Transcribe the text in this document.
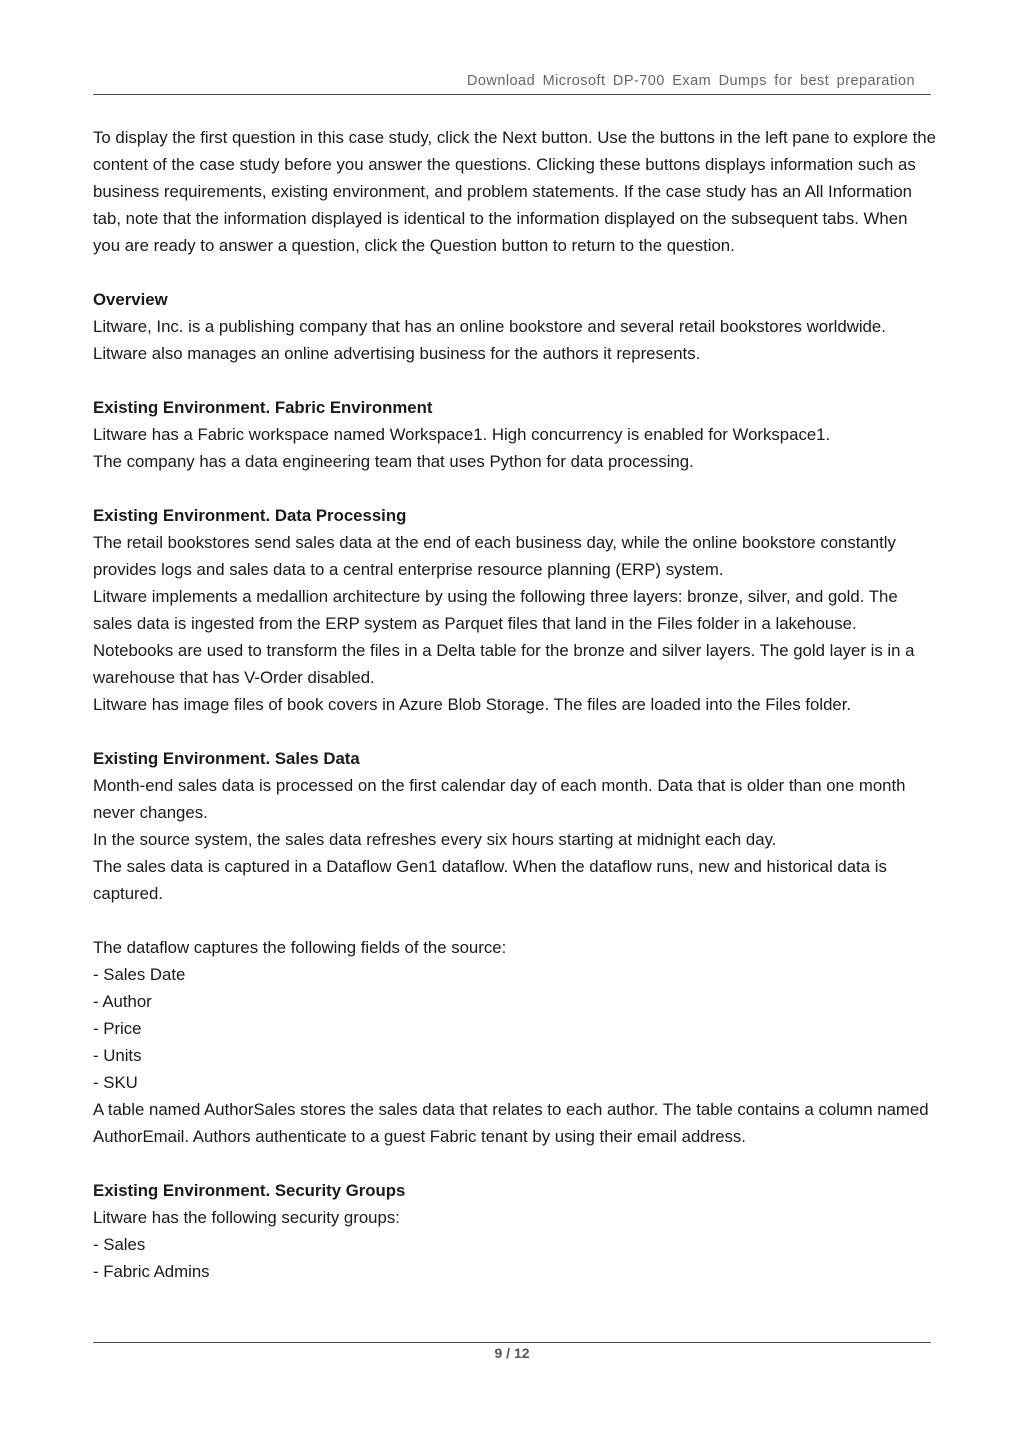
Download Microsoft DP-700 Exam Dumps for best preparation

To display the first question in this case study, click the Next button. Use the buttons in the left pane to explore the content of the case study before you answer the questions. Clicking these buttons displays information such as business requirements, existing environment, and problem statements. If the case study has an All Information tab, note that the information displayed is identical to the information displayed on the subsequent tabs. When you are ready to answer a question, click the Question button to return to the question.

Overview

Litware, Inc. is a publishing company that has an online bookstore and several retail bookstores worldwide. Litware also manages an online advertising business for the authors it represents.

Existing Environment. Fabric Environment

Litware has a Fabric workspace named Workspace1. High concurrency is enabled for Workspace1.

The company has a data engineering team that uses Python for data processing.

Existing Environment. Data Processing

The retail bookstores send sales data at the end of each business day, while the online bookstore constantly provides logs and sales data to a central enterprise resource planning (ERP) system.

Litware implements a medallion architecture by using the following three layers: bronze, silver, and gold. The sales data is ingested from the ERP system as Parquet files that land in the Files folder in a lakehouse. Notebooks are used to transform the files in a Delta table for the bronze and silver layers. The gold layer is in a warehouse that has V-Order disabled.

Litware has image files of book covers in Azure Blob Storage. The files are loaded into the Files folder.

Existing Environment. Sales Data

Month-end sales data is processed on the first calendar day of each month. Data that is older than one month never changes.

In the source system, the sales data refreshes every six hours starting at midnight each day.

The sales data is captured in a Dataflow Gen1 dataflow. When the dataflow runs, new and historical data is captured.

The dataflow captures the following fields of the source:

- Sales Date

- Author

- Price

- Units

- SKU

A table named AuthorSales stores the sales data that relates to each author. The table contains a column named AuthorEmail. Authors authenticate to a guest Fabric tenant by using their email address.

Existing Environment. Security Groups

Litware has the following security groups:

- Sales

- Fabric Admins

9 / 12
